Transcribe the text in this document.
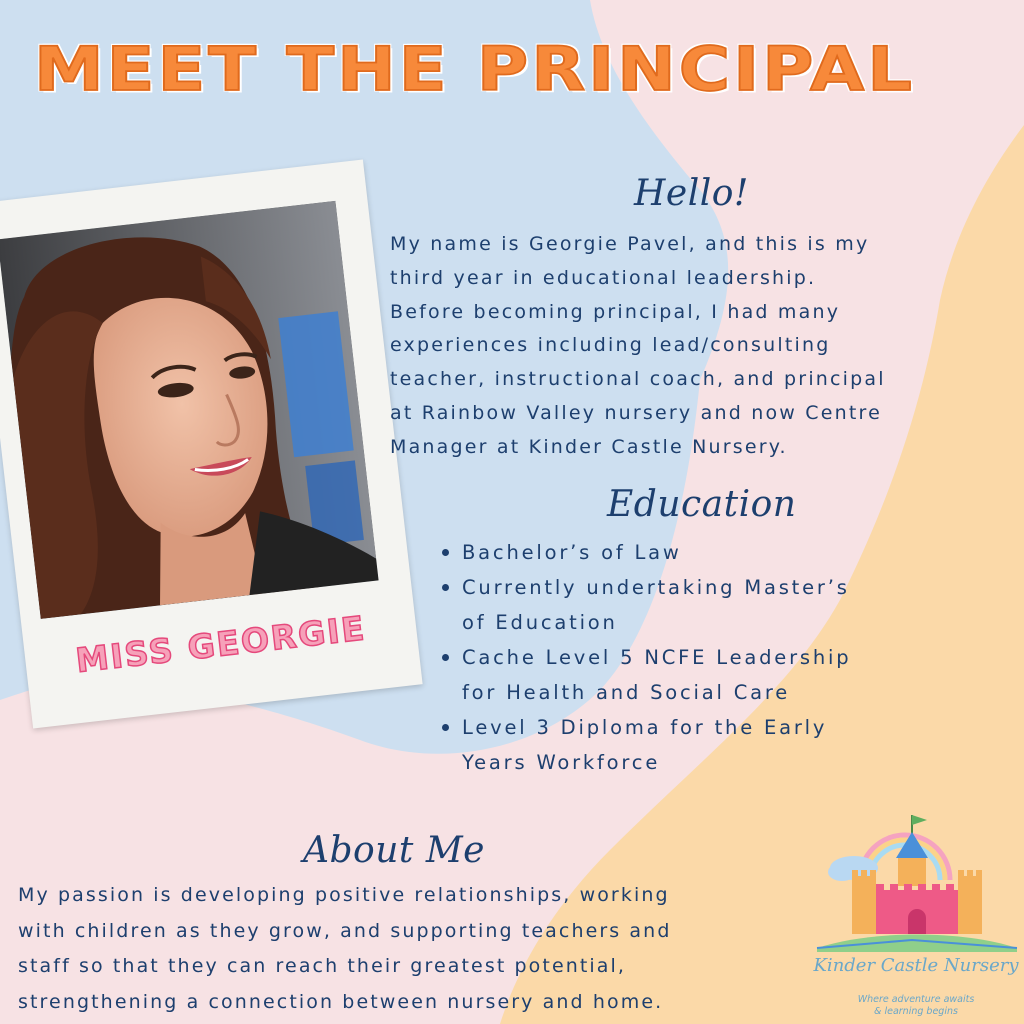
MEET THE PRINCIPAL
MISS GEORGIE
Hello!
My name is Georgie Pavel, and this is my
third year in educational leadership.
Before becoming principal, I had many
experiences including lead/consulting
teacher, instructional coach, and principal
at Rainbow Valley nursery and now Centre
Manager at Kinder Castle Nursery.
Education
Bachelor’s of Law
Currently undertaking Master’s
of Education
Cache Level 5 NCFE Leadership
for Health and Social Care
Level 3 Diploma for the Early
Years Workforce
About Me
My passion is developing positive relationships, working
with children as they grow, and supporting teachers and
staff so that they can reach their greatest potential,
strengthening a connection between nursery and home.
Kinder Castle Nursery
Where adventure awaits
& learning begins
